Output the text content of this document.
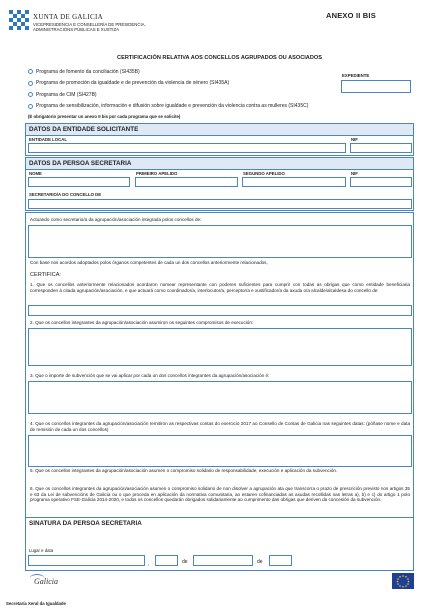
XUNTA DE GALICIA
VICEPRESIDENCIA E CONSELLERÍA DE PRESIDENCIA,
ADMINISTRACIÓNS PÚBLICAS E XUSTIZA
ANEXO II BIS
CERTIFICACIÓN RELATIVA AOS CONCELLOS AGRUPADOS OU ASOCIADOS
Programa de fomento da conciliación (SI435B)
Programa de promoción da igualdade e de prevención da violencia de xénero (SI435A)
Programa de CIM (SI427B)
Programa de sensibilización, información e difusión sobre igualdade e prevención da violencia contra as mulleres (SI435C)
EXPEDIENTE
(É obrigatorio presentar un anexo II bis por cada programa que se solicite)
DATOS DA ENTIDADE SOLICITANTE
ENTIDADE LOCAL	NIF
DATOS DA PERSOA SECRETARIA
NOME	PRIMEIRO APELIDO	SEGUNDO APELIDO	NIF
SECRETARIO/A DO CONCELLO DE
Actuando como secretario/a da agrupación/asociación integrada polos concellos de:
Con base nos acordos adoptados polos órganos competentes de cada un dos concellos anteriormente relacionados,
CERTIFICA:
1. Que os concellos anteriormente relacionados acordaron nomear representante con poderes suficientes para cumprir con todas as obrigas que como entidade beneficiaria corresponden á citada agrupación/asociación, e que actuará como coordinador/a, interlocutor/a, perceptor/a e xustificador/a da axuda o/a alcalde/alcaldesa do concello de:
2. Que os concellos integrantes da agrupación/asociación asumiron os seguintes compromisos de execución:
3. Que o importe de subvención que se vai aplicar por cada un dos concellos integrantes da agrupación/asociación é:
4. Que os concellos integrantes da agrupación/asociación remitiron as respectivas contas do exercicio 2017 ao Consello de Contas de Galicia nas seguintes datas: (póñase nome e data de remisión de cada un dos concellos)
5. Que os concellos integrantes da agrupación/asociación asumen o compromiso solidario de responsabilidade, execución e aplicación da subvención.
6. Que os concellos integrantes da agrupación/asociación asumen o compromiso solidario de non disolver a agrupación ata que transcorra o prazo de prescrición previsto nos artigos 35 e 63 da Lei de subvencións de Galicia ou o que proceda en aplicación da normativa comunitaria, ao estaren cofinanciadas as axudas recollidas nas letras a), b) e c) do artigo 1 polo programa operativo FSE-Galicia 2014-2020, e todos os concellos quedarán obrigados solidariamente ao cumprimento das obrigas que deriven da concesión da subvención.
SINATURA DA PERSOA SECRETARIA
Lugar e data
,	de	de
Galicia
Secretaría Xeral da Igualdade
